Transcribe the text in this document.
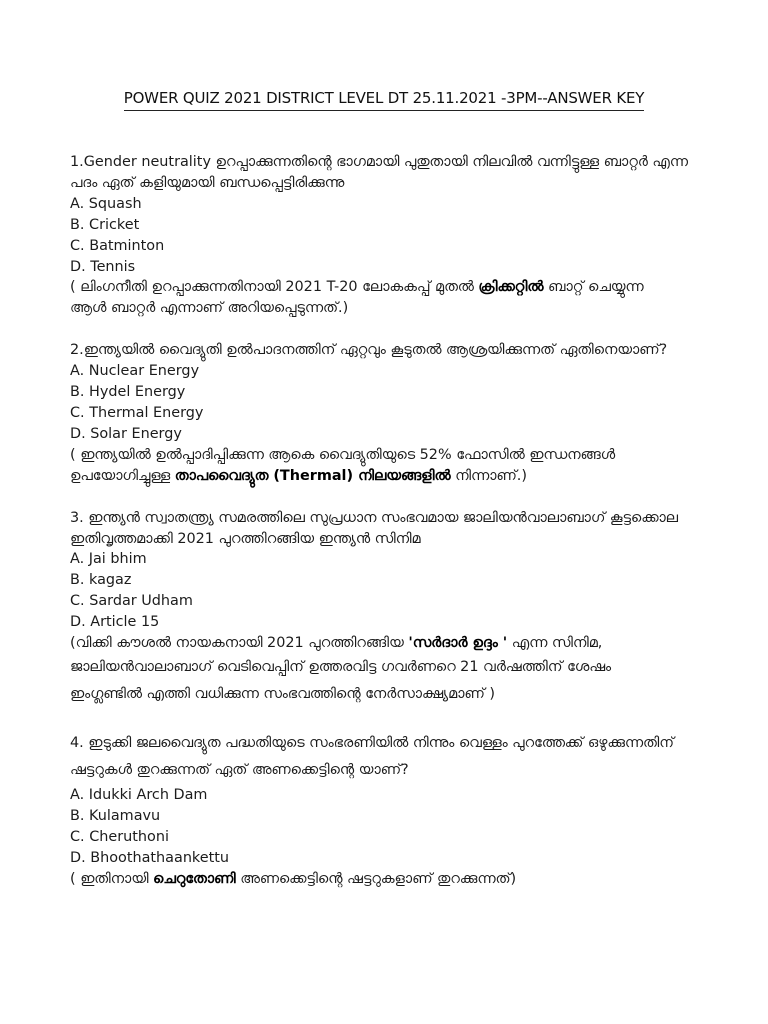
POWER QUIZ 2021 DISTRICT LEVEL DT 25.11.2021 -3PM--ANSWER KEY
1.Gender neutrality ഉറപ്പാക്കുന്നതിന്റെ ഭാഗമായി പുതുതായി നിലവിൽ വന്നിട്ടുള്ള ബാറ്റർ എന്ന
പദം ഏത് കളിയുമായി ബന്ധപ്പെട്ടിരിക്കുന്നു
A. Squash
B. Cricket
C. Batminton
D. Tennis
( ലിംഗനീതി ഉറപ്പാക്കുന്നതിനായി 2021 T-20 ലോകകപ്പ് മുതൽ ക്രിക്കറ്റിൽ ബാറ്റ് ചെയ്യുന്ന
ആൾ ബാറ്റർ എന്നാണ് അറിയപ്പെടുന്നത്.)
2.ഇന്ത്യയിൽ വൈദ്യുതി ഉൽപാദനത്തിന് ഏറ്റവും കൂടുതൽ ആശ്രയിക്കുന്നത് ഏതിനെയാണ്?
A. Nuclear Energy
B. Hydel Energy
C. Thermal Energy
D. Solar Energy
( ഇന്ത്യയിൽ ഉൽപ്പാദിപ്പിക്കുന്ന ആകെ വൈദ്യുതിയുടെ 52% ഫോസിൽ ഇന്ധനങ്ങൾ
ഉപയോഗിച്ചുള്ള താപവൈദ്യുത (Thermal) നിലയങ്ങളിൽ നിന്നാണ്.)
3. ഇന്ത്യൻ സ്വാതന്ത്ര്യ സമരത്തിലെ സുപ്രധാന സംഭവമായ ജാലിയൻവാലാബാഗ് കൂട്ടക്കൊല
ഇതിവൃത്തമാക്കി 2021 പുറത്തിറങ്ങിയ ഇന്ത്യൻ സിനിമ
A. Jai bhim
B. kagaz
C. Sardar Udham
D. Article 15
(വിക്കി കൗശൽ നായകനായി 2021 പുറത്തിറങ്ങിയ 'സർദാർ ഉദ്ദം ' എന്ന സിനിമ,
ജാലിയൻവാലാബാഗ് വെടിവെപ്പിന് ഉത്തരവിട്ട ഗവർണറെ 21 വർഷത്തിന് ശേഷം
ഇംഗ്ലണ്ടിൽ എത്തി വധിക്കുന്ന സംഭവത്തിന്റെ നേർസാക്ഷ്യമാണ് )
4. ഇടുക്കി ജലവൈദ്യുത പദ്ധതിയുടെ സംഭരണിയിൽ നിന്നും വെള്ളം പുറത്തേക്ക് ഒഴുക്കുന്നതിന്
ഷട്ടറുകൾ തുറക്കുന്നത് ഏത് അണക്കെട്ടിന്റെ യാണ്?
A. Idukki Arch Dam
B. Kulamavu
C. Cheruthoni
D. Bhoothathaankettu
( ഇതിനായി ചെറുതോണി അണക്കെട്ടിന്റെ ഷട്ടറുകളാണ് തുറക്കുന്നത്)
